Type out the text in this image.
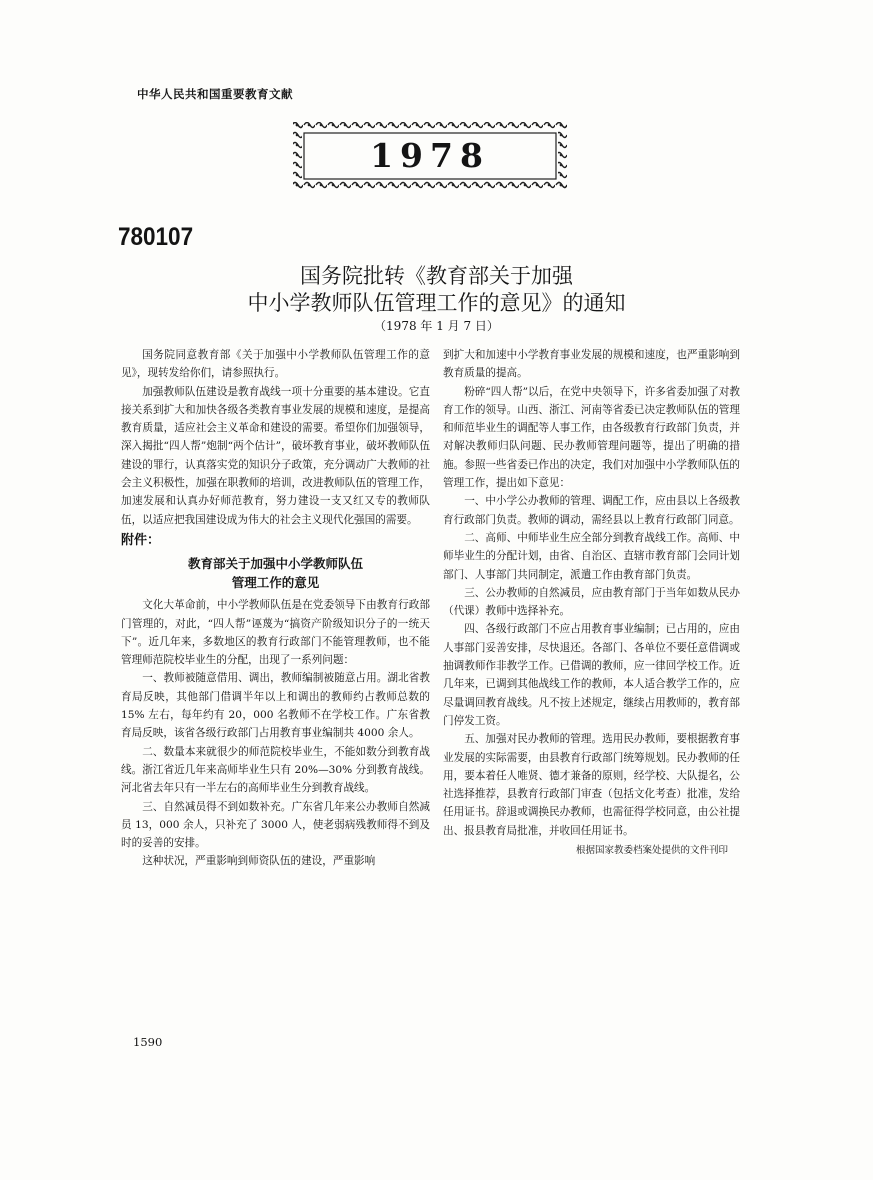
中华人民共和国重要教育文献
1978
780107
国务院批转《教育部关于加强
中小学教师队伍管理工作的意见》的通知
（1978 年 1 月 7 日）

国务院同意教育部《关于加强中小学教师队伍管理工作的意见》，现转发给你们，请参照执行。

加强教师队伍建设是教育战线一项十分重要的基本建设。它直接关系到扩大和加快各级各类教育事业发展的规模和速度，是提高教育质量，适应社会主义革命和建设的需要。希望你们加强领导，深入揭批“四人帮”炮制“两个估计”，破坏教育事业，破坏教师队伍建设的罪行，认真落实党的知识分子政策，充分调动广大教师的社会主义积极性，加强在职教师的培训，改进教师队伍的管理工作，加速发展和认真办好师范教育，努力建设一支又红又专的教师队伍，以适应把我国建设成为伟大的社会主义现代化强国的需要。

附件：
教育部关于加强中小学教师队伍
管理工作的意见

文化大革命前，中小学教师队伍是在党委领导下由教育行政部门管理的，对此，“四人帮”诬蔑为“搞资产阶级知识分子的一统天下”。近几年来，多数地区的教育行政部门不能管理教师，也不能管理师范院校毕业生的分配，出现了一系列问题：

一、教师被随意借用、调出，教师编制被随意占用。湖北省教育局反映，其他部门借调半年以上和调出的教师约占教师总数的 15% 左右，每年约有 20，000 名教师不在学校工作。广东省教育局反映，该省各级行政部门占用教育事业编制共 4000 余人。

二、数量本来就很少的师范院校毕业生，不能如数分到教育战线。浙江省近几年来高师毕业生只有 20%—30% 分到教育战线。河北省去年只有一半左右的高师毕业生分到教育战线。

三、自然减员得不到如数补充。广东省几年来公办教师自然减员 13，000 余人，只补充了 3000 人，使老弱病残教师得不到及时的妥善的安排。

这种状况，严重影响到师资队伍的建设，严重影响

到扩大和加速中小学教育事业发展的规模和速度，也严重影响到教育质量的提高。

粉碎“四人帮”以后，在党中央领导下，许多省委加强了对教育工作的领导。山西、浙江、河南等省委已决定教师队伍的管理和师范毕业生的调配等人事工作，由各级教育行政部门负责，并对解决教师归队问题、民办教师管理问题等，提出了明确的措施。参照一些省委已作出的决定，我们对加强中小学教师队伍的管理工作，提出如下意见：

一、中小学公办教师的管理、调配工作，应由县以上各级教育行政部门负责。教师的调动，需经县以上教育行政部门同意。

二、高师、中师毕业生应全部分到教育战线工作。高师、中师毕业生的分配计划，由省、自治区、直辖市教育部门会同计划部门、人事部门共同制定，派遣工作由教育部门负责。

三、公办教师的自然减员，应由教育部门于当年如数从民办（代课）教师中选择补充。

四、各级行政部门不应占用教育事业编制；已占用的，应由人事部门妥善安排，尽快退还。各部门、各单位不要任意借调或抽调教师作非教学工作。已借调的教师，应一律回学校工作。近几年来，已调到其他战线工作的教师，本人适合教学工作的，应尽量调回教育战线。凡不按上述规定，继续占用教师的，教育部门停发工资。

五、加强对民办教师的管理。选用民办教师，要根据教育事业发展的实际需要，由县教育行政部门统筹规划。民办教师的任用，要本着任人唯贤、德才兼备的原则，经学校、大队提名，公社选择推荐，县教育行政部门审查（包括文化考查）批准，发给任用证书。辞退或调换民办教师，也需征得学校同意，由公社提出、报县教育局批准，并收回任用证书。

根据国家教委档案处提供的文件刊印
1590
